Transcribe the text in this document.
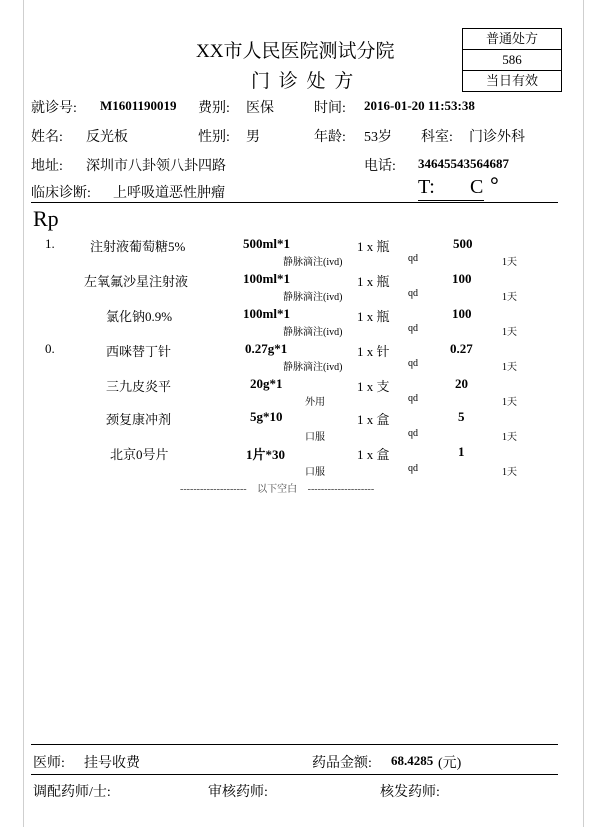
XX市人民医院测试分院
门 诊 处 方
普通处方
586
当日有效
就诊号: M1601190019 费别: 医保	时间: 2016-01-20 11:53:38
姓名: 反光板	性别: 男	年龄: 53岁 科室: 门诊外科
地址: 深圳市八卦领八卦四路	电话: 34645543564687
临床诊断: 上呼吸道恶性肿瘤	T: C °
Rp
1.	注射液葡萄糖5%	500ml*1	1 x 瓶	500
静脉滴注(ivd)	qd	1天
左氧氟沙星注射液	100ml*1	1 x 瓶	100
静脉滴注(ivd)	qd	1天
氯化钠0.9%	100ml*1	1 x 瓶	100
静脉滴注(ivd)	qd	1天
0.	西咪替丁针	0.27g*1	1 x 针	0.27
静脉滴注(ivd)	qd	1天
三九皮炎平	20g*1	1 x 支	20
外用	qd	1天
颈复康冲剂	5g*10	1 x 盒	5
口服	qd	1天
北京0号片	1片*30	1 x 盒	1
口服	qd	1天
-------------------- 以下空白 --------------------
医师: 挂号收费	药品金额: 68.4285 (元)
调配药师/士:	审核药师:	核发药师:
